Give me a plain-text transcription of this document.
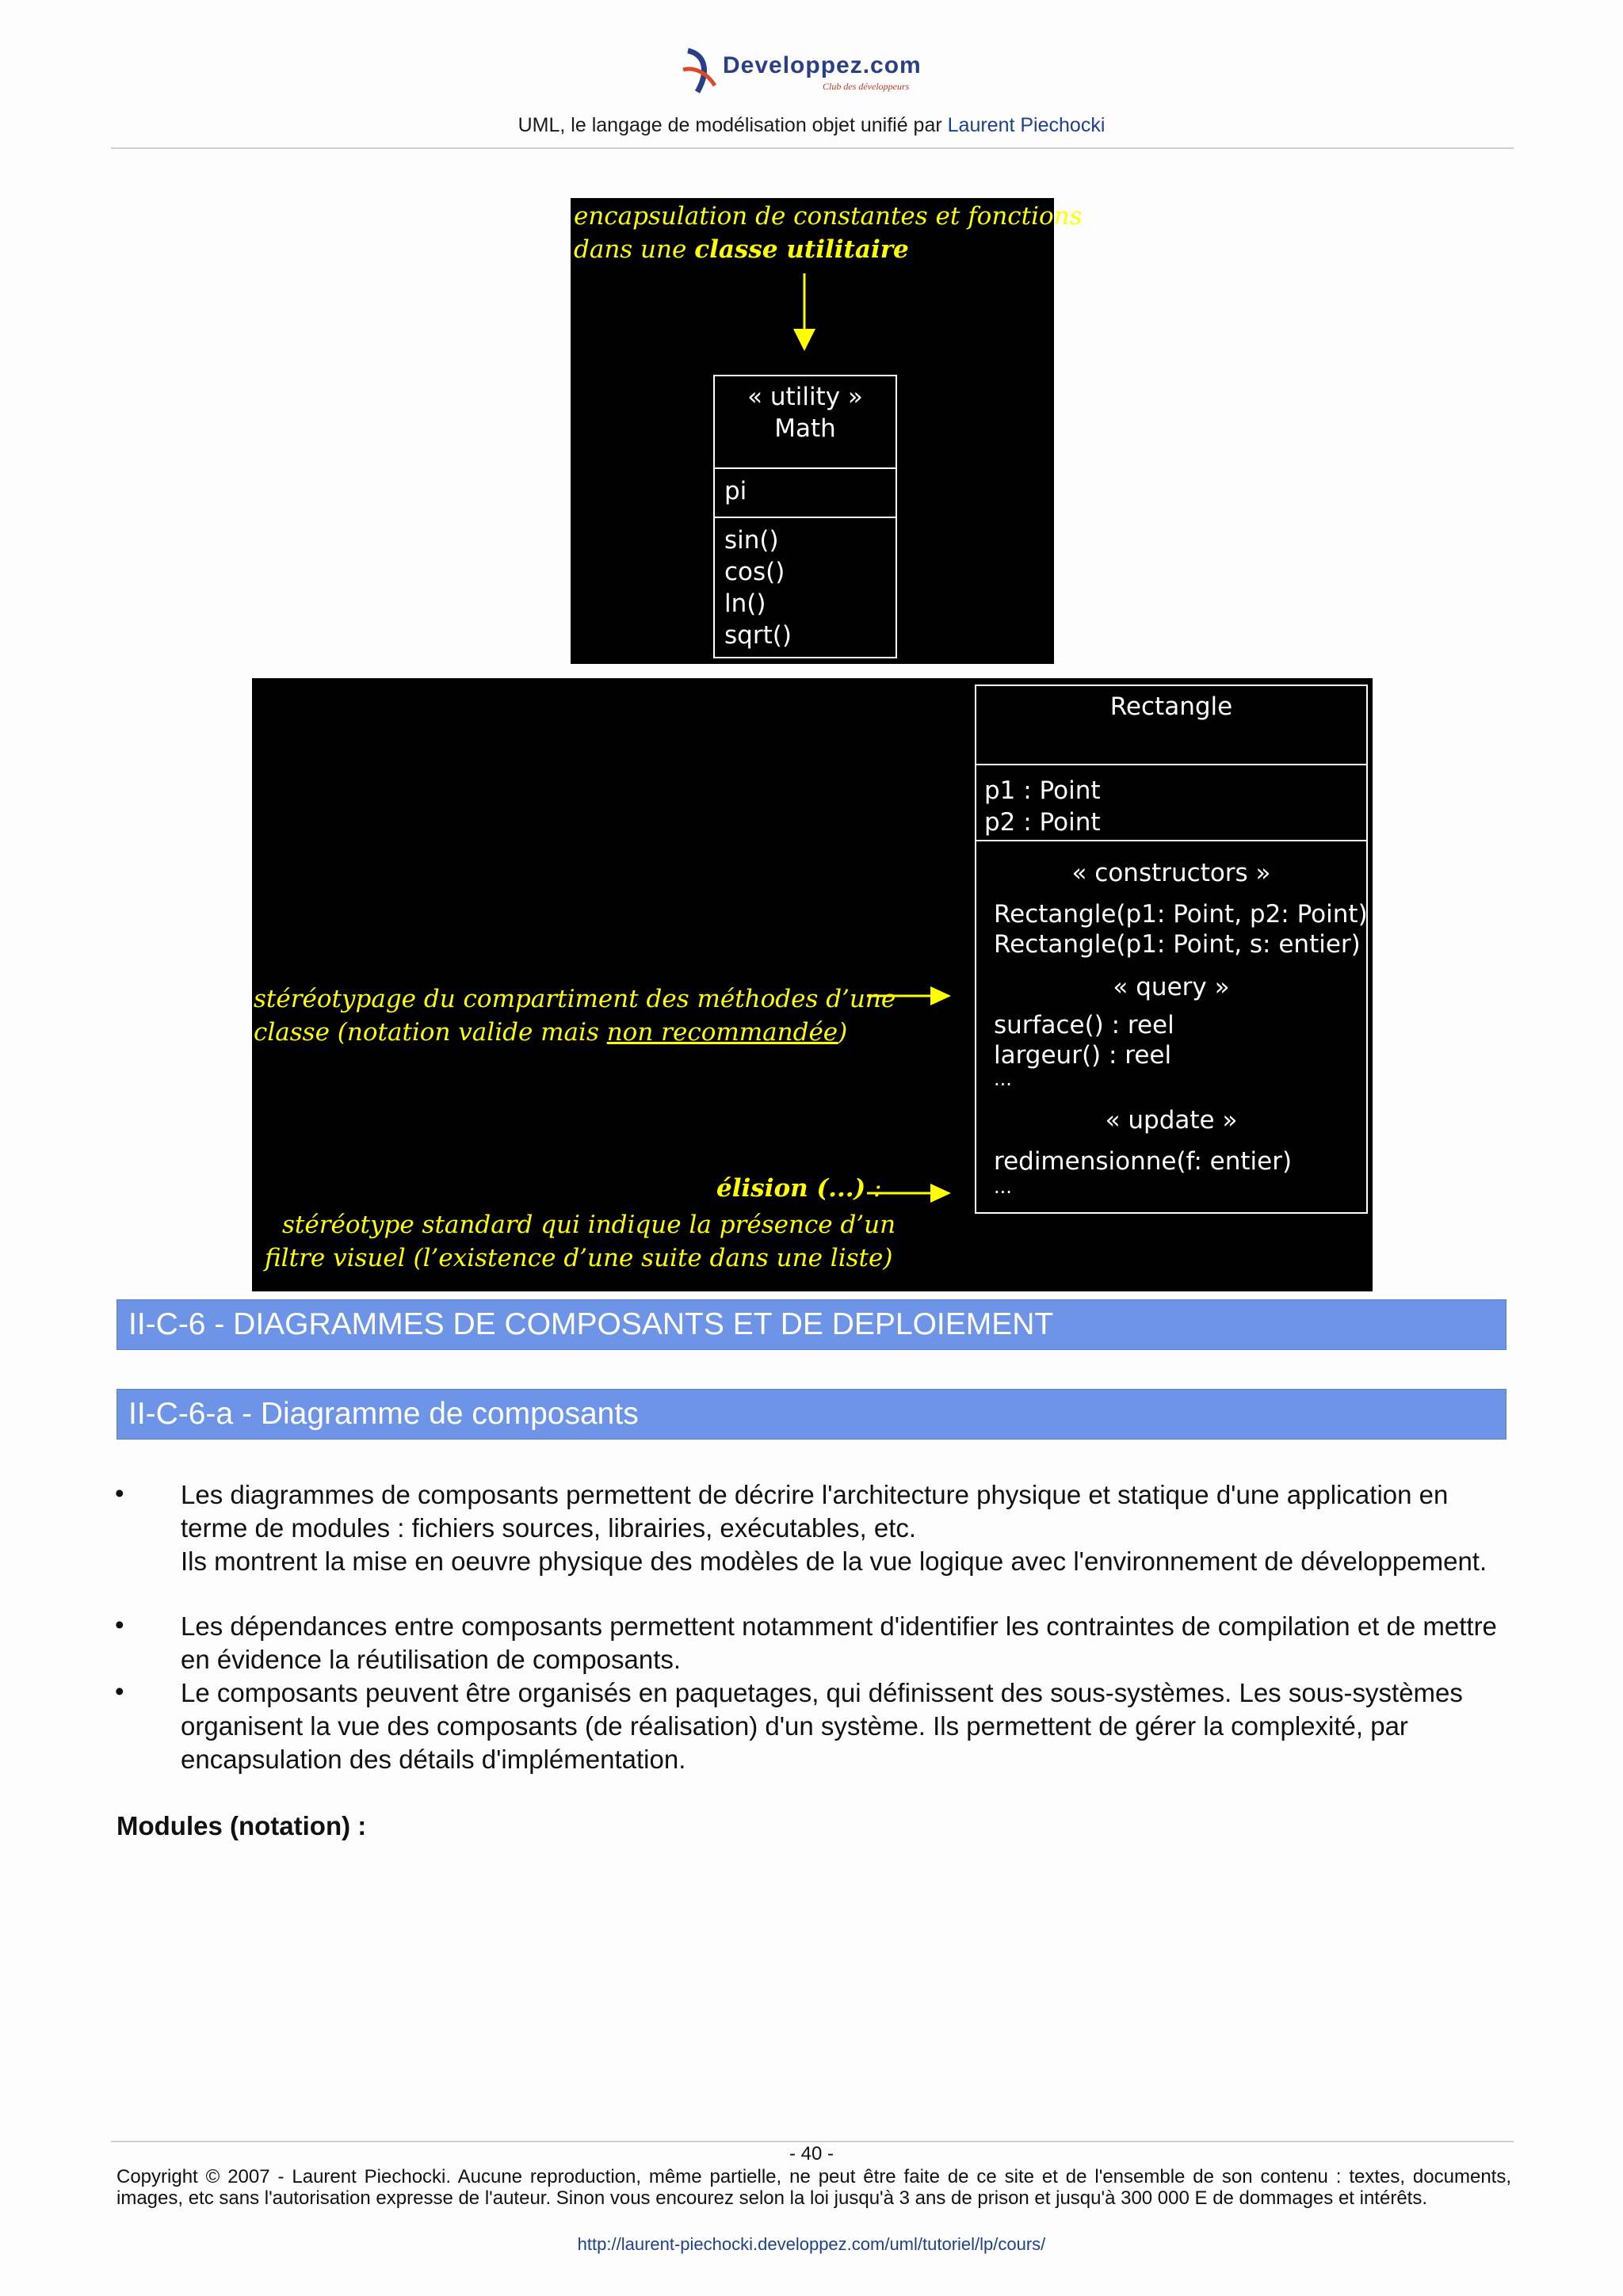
Developpez.com
Club des développeurs
UML, le langage de modélisation objet unifié par Laurent Piechocki
encapsulation de constantes et fonctions
dans une classe utilitaire
« utility »
Math
pi
sin()
cos()
ln()
sqrt()
Rectangle
p1 : Point
p2 : Point
« constructors »
Rectangle(p1: Point, p2: Point)
Rectangle(p1: Point, s: entier)
« query »
surface() : reel
largeur() : reel
...
« update »
redimensionne(f: entier)
...
stéréotypage du compartiment des méthodes d’une
classe (notation valide mais non recommandée)
élision (...) :
stéréotype standard qui indique la présence d’un
filtre visuel (l’existence d’une suite dans une liste)
II-C-6 - DIAGRAMMES DE COMPOSANTS ET DE DEPLOIEMENT
II-C-6-a - Diagramme de composants
• Les diagrammes de composants permettent de décrire l'architecture physique et statique d'une application en terme de modules : fichiers sources, librairies, exécutables, etc.
Ils montrent la mise en oeuvre physique des modèles de la vue logique avec l'environnement de développement.
• Les dépendances entre composants permettent notamment d'identifier les contraintes de compilation et de mettre en évidence la réutilisation de composants.
• Le composants peuvent être organisés en paquetages, qui définissent des sous-systèmes. Les sous-systèmes organisent la vue des composants (de réalisation) d'un système. Ils permettent de gérer la complexité, par encapsulation des détails d'implémentation.
Modules (notation) :
- 40 -
Copyright © 2007 - Laurent Piechocki. Aucune reproduction, même partielle, ne peut être faite de ce site et de l'ensemble de son contenu : textes, documents, images, etc sans l'autorisation expresse de l'auteur. Sinon vous encourez selon la loi jusqu'à 3 ans de prison et jusqu'à 300 000 E de dommages et intérêts.
http://laurent-piechocki.developpez.com/uml/tutoriel/lp/cours/
